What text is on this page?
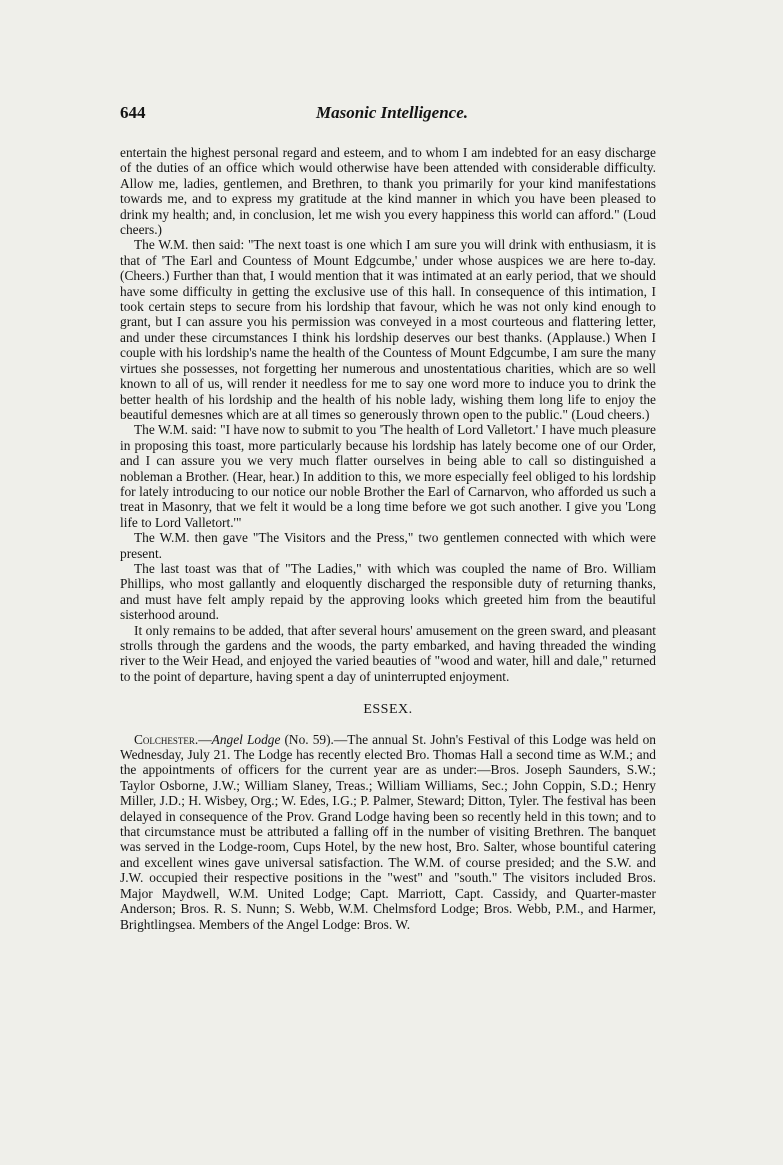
644	Masonic Intelligence.

entertain the highest personal regard and esteem, and to whom I am indebted for an easy discharge of the duties of an office which would otherwise have been attended with considerable difficulty. Allow me, ladies, gentlemen, and Brethren, to thank you primarily for your kind manifestations towards me, and to express my gratitude at the kind manner in which you have been pleased to drink my health; and, in conclusion, let me wish you every happiness this world can afford." (Loud cheers.)

The W.M. then said: "The next toast is one which I am sure you will drink with enthusiasm, it is that of 'The Earl and Countess of Mount Edgcumbe,' under whose auspices we are here to-day. (Cheers.) Further than that, I would mention that it was intimated at an early period, that we should have some difficulty in getting the exclusive use of this hall. In consequence of this intimation, I took certain steps to secure from his lordship that favour, which he was not only kind enough to grant, but I can assure you his permission was conveyed in a most courteous and flattering letter, and under these circumstances I think his lordship deserves our best thanks. (Applause.) When I couple with his lordship's name the health of the Countess of Mount Edgcumbe, I am sure the many virtues she possesses, not forgetting her numerous and unostentatious charities, which are so well known to all of us, will render it needless for me to say one word more to induce you to drink the better health of his lordship and the health of his noble lady, wishing them long life to enjoy the beautiful demesnes which are at all times so generously thrown open to the public." (Loud cheers.)

The W.M. said: "I have now to submit to you 'The health of Lord Valletort.' I have much pleasure in proposing this toast, more particularly because his lordship has lately become one of our Order, and I can assure you we very much flatter ourselves in being able to call so distinguished a nobleman a Brother. (Hear, hear.) In addition to this, we more especially feel obliged to his lordship for lately introducing to our notice our noble Brother the Earl of Carnarvon, who afforded us such a treat in Masonry, that we felt it would be a long time before we got such another. I give you 'Long life to Lord Valletort.'"

The W.M. then gave "The Visitors and the Press," two gentlemen connected with which were present.

The last toast was that of "The Ladies," with which was coupled the name of Bro. William Phillips, who most gallantly and eloquently discharged the responsible duty of returning thanks, and must have felt amply repaid by the approving looks which greeted him from the beautiful sisterhood around.

It only remains to be added, that after several hours' amusement on the green sward, and pleasant strolls through the gardens and the woods, the party embarked, and having threaded the winding river to the Weir Head, and enjoyed the varied beauties of "wood and water, hill and dale," returned to the point of departure, having spent a day of uninterrupted enjoyment.

ESSEX.

Colchester.—Angel Lodge (No. 59).—The annual St. John's Festival of this Lodge was held on Wednesday, July 21. The Lodge has recently elected Bro. Thomas Hall a second time as W.M.; and the appointments of officers for the current year are as under:—Bros. Joseph Saunders, S.W.; Taylor Osborne, J.W.; William Slaney, Treas.; William Williams, Sec.; John Coppin, S.D.; Henry Miller, J.D.; H. Wisbey, Org.; W. Edes, I.G.; P. Palmer, Steward; Ditton, Tyler. The festival has been delayed in consequence of the Prov. Grand Lodge having been so recently held in this town; and to that circumstance must be attributed a falling off in the number of visiting Brethren. The banquet was served in the Lodge-room, Cups Hotel, by the new host, Bro. Salter, whose bountiful catering and excellent wines gave universal satisfaction. The W.M. of course presided; and the S.W. and J.W. occupied their respective positions in the "west" and "south." The visitors included Bros. Major Maydwell, W.M. United Lodge; Capt. Marriott, Capt. Cassidy, and Quarter-master Anderson; Bros. R. S. Nunn; S. Webb, W.M. Chelmsford Lodge; Bros. Webb, P.M., and Harmer, Brightlingsea. Members of the Angel Lodge: Bros. W.
